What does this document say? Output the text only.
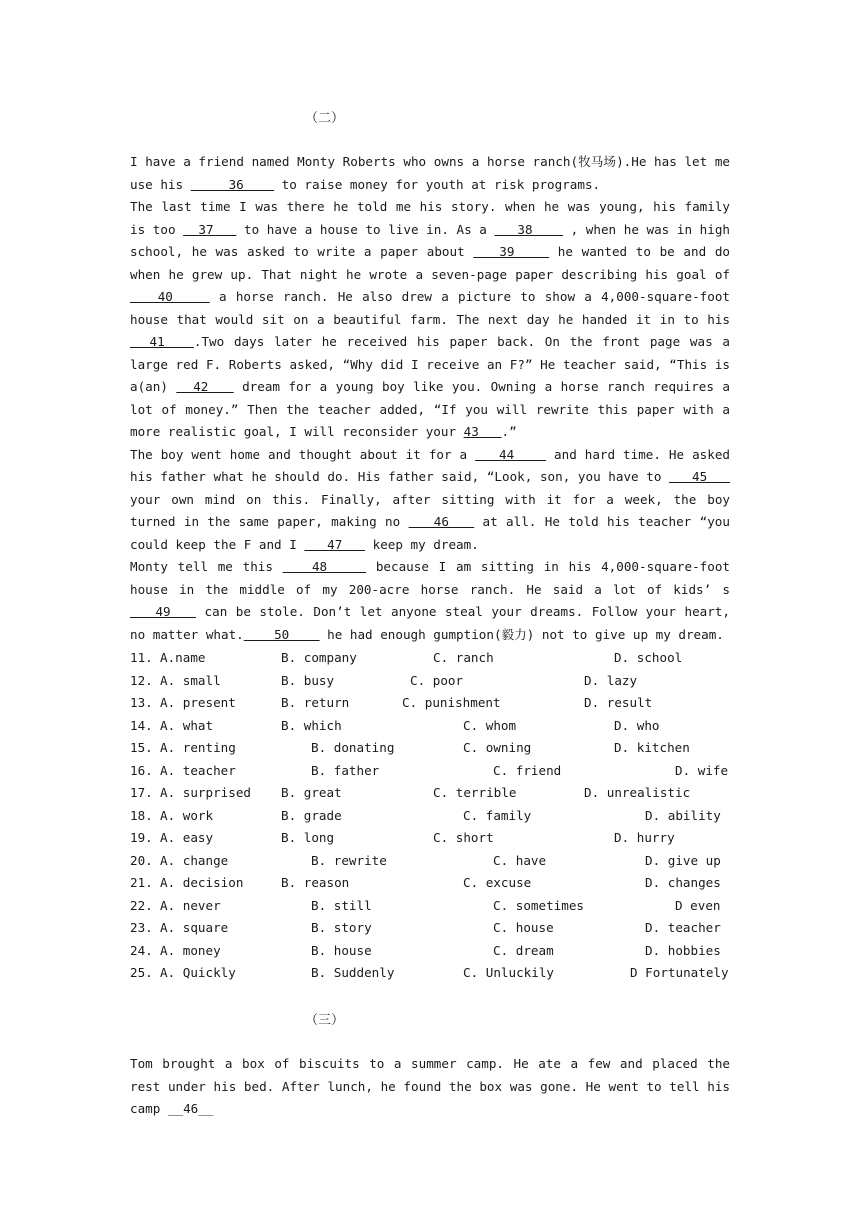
（二）

I have a friend named Monty Roberts who owns a horse ranch(牧马场).He has let me use his      36     to raise money for youth at risk programs.

The last time I was there he told me his story. when he was young, his family is too   37    to have a house to live in. As a    38     , when he was in high school, he was asked to write a paper about    39     he wanted to be and do when he grew up. That night he wrote a seven-page paper describing his goal of    40     a horse ranch. He also drew a picture to show a 4,000-square-foot house that would sit on a beautiful farm. The next day he handed it in to his   41   .Two days later he received his paper back. On the front page was a large red F. Roberts asked, “Why did I receive an F?” He teacher said, “This is a(an)   42    dream for a young boy like you. Owning a horse ranch requires a lot of money.” Then the teacher added, “If you will rewrite this paper with a more realistic goal, I will reconsider your 43   .”

The boy went home and thought about it for a    44     and hard time. He asked his father what he should do. His father said, “Look, son, you have to    45    your own mind on this. Finally, after sitting with it for a week, the boy turned in the same paper, making no    46    at all. He told his teacher “you could keep the F and I    47    keep my dream.

Monty tell me this    48     because I am sitting in his 4,000-square-foot house in the middle of my 200-acre horse ranch. He said a lot of kids’ s    49    can be stole. Don’t let anyone steal your dreams. Follow your heart, no matter what.    50     he had enough gumption(毅力) not to give up my dream.

11. A.name	B. company	C. ranch	D. school
12. A. small	B. busy	C. poor	D. lazy
13. A. present	B. return	C. punishment	D. result
14. A. what	B. which	C. whom	D. who
15. A. renting	B. donating	C. owning	D. kitchen
16. A. teacher	B. father	C. friend	D. wife
17. A. surprised B. great	C. terrible	D. unrealistic
18. A. work	B. grade	C. family	D. ability
19. A. easy	B. long	C. short	D. hurry
20. A. change	B. rewrite	C. have	D. give up
21. A. decision	B. reason	C. excuse	D. changes
22. A. never	B. still	C. sometimes	D even
23. A. square	B. story	C. house	D. teacher
24. A. money	B. house	C. dream	D. hobbies
25. A. Quickly	B. Suddenly	C. Unluckily	D Fortunately
（三）

Tom brought a box of biscuits to a summer camp. He ate a few and placed the rest under his bed. After lunch, he found the box was gone. He went to tell his camp __46__
